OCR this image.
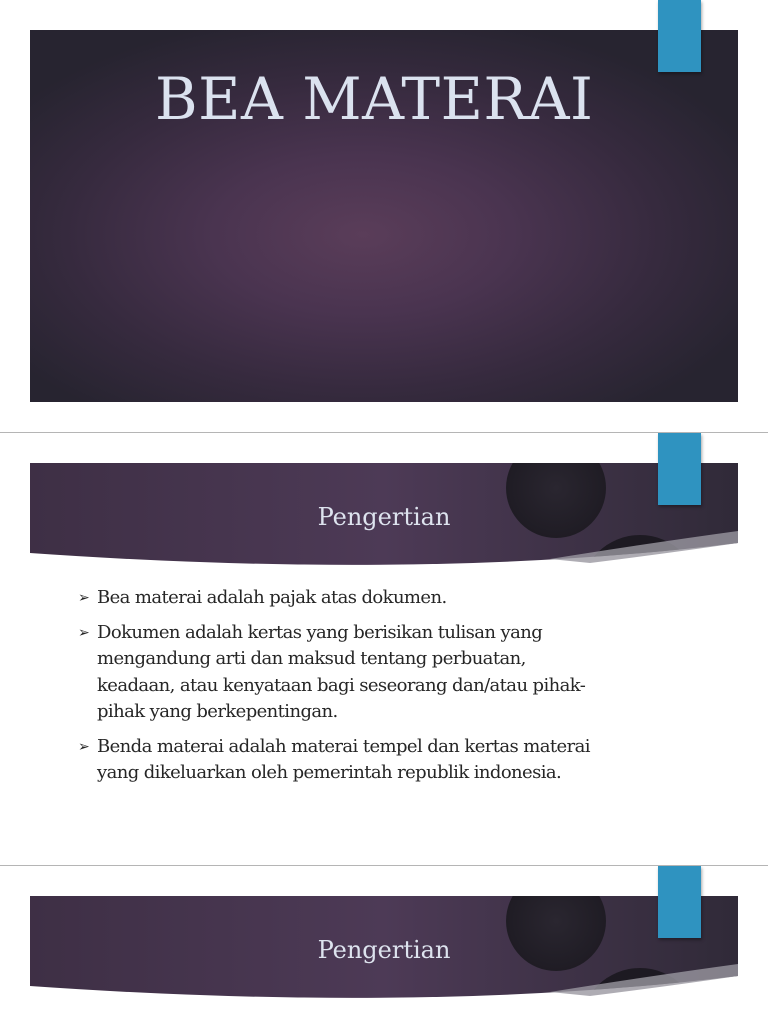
BEA MATERAI
Pengertian
➢ Bea materai adalah pajak atas dokumen.
➢ Dokumen adalah kertas yang berisikan tulisan yang mengandung arti dan maksud tentang perbuatan, keadaan, atau kenyataan bagi seseorang dan/atau pihak-pihak yang berkepentingan.
➢ Benda materai adalah materai tempel dan kertas materai yang dikeluarkan oleh pemerintah republik indonesia.
Pengertian
